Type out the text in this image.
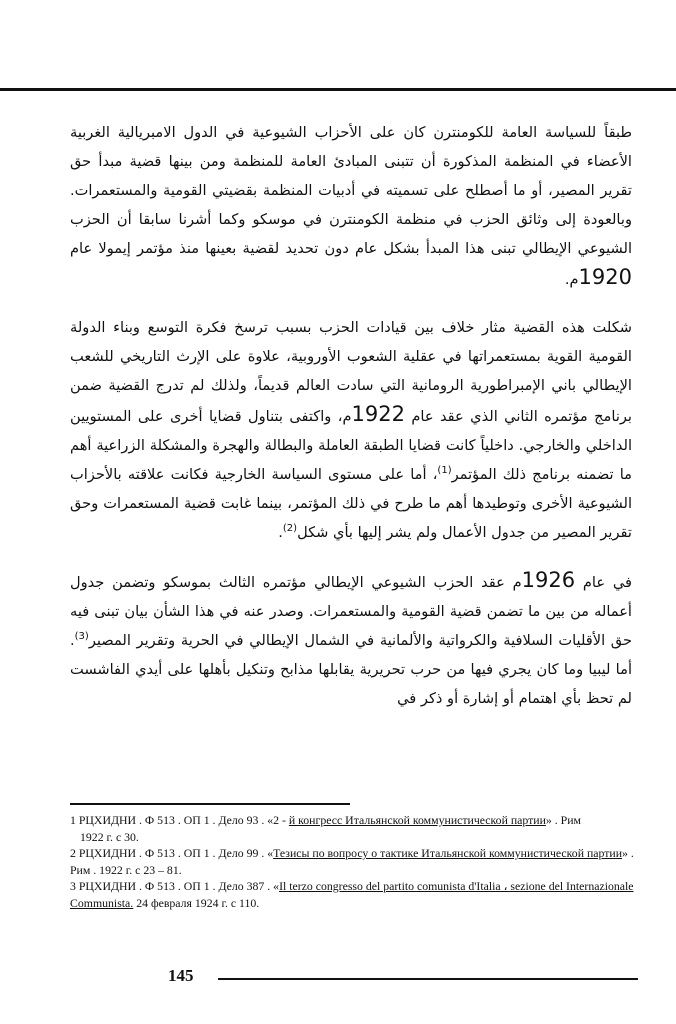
طبقاً للسياسة العامة للكومنترن كان على الأحزاب الشيوعية في الدول الامبريالية الغربية الأعضاء في المنظمة المذكورة أن تتبنى المبادئ العامة للمنظمة ومن بينها قضية مبدأ حق تقرير المصير، أو ما أصطلح على تسميته في أدبيات المنظمة بقضيتي القومية والمستعمرات. وبالعودة إلى وثائق الحزب في منظمة الكومنترن في موسكو وكما أشرنا سابقا أن الحزب الشيوعي الإيطالي تبنى هذا المبدأ بشكل عام دون تحديد لقضية بعينها منذ مؤتمر إيمولا عام 1920م.

شكلت هذه القضية مثار خلاف بين قيادات الحزب بسبب ترسخ فكرة التوسع وبناء الدولة القومية القوية بمستعمراتها في عقلية الشعوب الأوروبية، علاوة على الإرث التاريخي للشعب الإيطالي باني الإمبراطورية الرومانية التي سادت العالم قديماً، ولذلك لم تدرج القضية ضمن برنامج مؤتمره الثاني الذي عقد عام 1922م، واكتفى بتناول قضايا أخرى على المستويين الداخلي والخارجي. داخلياً كانت قضايا الطبقة العاملة والبطالة والهجرة والمشكلة الزراعية أهم ما تضمنه برنامج ذلك المؤتمر$^{(1)}$، أما على مستوى السياسة الخارجية فكانت علاقته بالأحزاب الشيوعية الأخرى وتوطيدها أهم ما طرح في ذلك المؤتمر، بينما غابت قضية المستعمرات وحق تقرير المصير من جدول الأعمال ولم يشر إليها بأي شكل$^{(2)}$.

في عام 1926م عقد الحزب الشيوعي الإيطالي مؤتمره الثالث بموسكو وتضمن جدول أعماله من بين ما تضمن قضية القومية والمستعمرات. وصدر عنه في هذا الشأن بيان تبنى فيه حق الأقليات السلافية والكرواتية والألمانية في الشمال الإيطالي في الحرية وتقرير المصير$^{(3)}$. أما ليبيا وما كان يجري فيها من حرب تحريرية يقابلها مذابح وتنكيل بأهلها على أيدي الفاشست لم تحظ بأي اهتمام أو إشارة أو ذكر في

1 РЦХИДНИ . Ф 513 . ОП 1 . Дело 93 . «2 - й конгресс Итальянской коммунистической партии» . Рим

1922 г. с 30.

2 РЦХИДНИ . Ф 513 . ОП 1 . Дело 99 . «Тезисы по вопросу о тактике Итальянской коммунистической партии» . Рим . 1922 г. с 23 – 81.

3 РЦХИДНИ . Ф 513 . ОП 1 . Дело 387 . «Il terzo congresso del partito comunista d'Italia ، sezione del Internazionale Communista. 24 февраля 1924 г. с 110.

145
